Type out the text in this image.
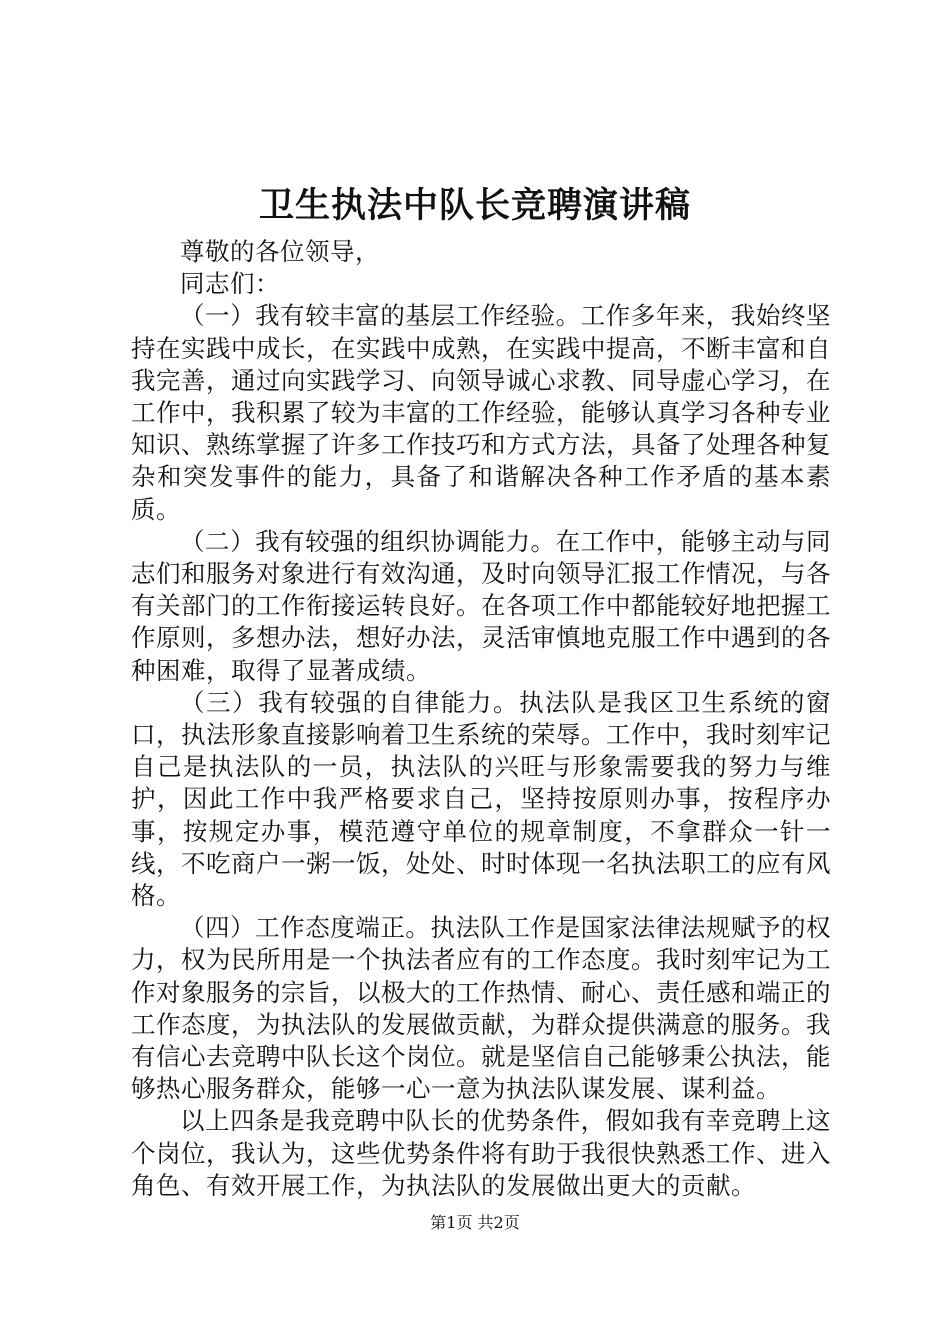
卫生执法中队长竞聘演讲稿

尊敬的各位领导，

同志们：

（一）我有较丰富的基层工作经验。工作多年来，我始终坚持在实践中成长，在实践中成熟，在实践中提高，不断丰富和自我完善，通过向实践学习、向领导诚心求教、同导虚心学习，在工作中，我积累了较为丰富的工作经验，能够认真学习各种专业知识、熟练掌握了许多工作技巧和方式方法，具备了处理各种复杂和突发事件的能力，具备了和谐解决各种工作矛盾的基本素质。

（二）我有较强的组织协调能力。在工作中，能够主动与同志们和服务对象进行有效沟通，及时向领导汇报工作情况，与各有关部门的工作衔接运转良好。在各项工作中都能较好地把握工作原则，多想办法，想好办法，灵活审慎地克服工作中遇到的各种困难，取得了显著成绩。

（三）我有较强的自律能力。执法队是我区卫生系统的窗口，执法形象直接影响着卫生系统的荣辱。工作中，我时刻牢记自己是执法队的一员，执法队的兴旺与形象需要我的努力与维护，因此工作中我严格要求自己，坚持按原则办事，按程序办事，按规定办事，模范遵守单位的规章制度，不拿群众一针一线，不吃商户一粥一饭，处处、时时体现一名执法职工的应有风格。

（四）工作态度端正。执法队工作是国家法律法规赋予的权力，权为民所用是一个执法者应有的工作态度。我时刻牢记为工作对象服务的宗旨，以极大的工作热情、耐心、责任感和端正的工作态度，为执法队的发展做贡献，为群众提供满意的服务。我有信心去竞聘中队长这个岗位。就是坚信自己能够秉公执法，能够热心服务群众，能够一心一意为执法队谋发展、谋利益。

以上四条是我竞聘中队长的优势条件，假如我有幸竞聘上这个岗位，我认为，这些优势条件将有助于我很快熟悉工作、进入角色、有效开展工作，为执法队的发展做出更大的贡献。

第1页 共2页
